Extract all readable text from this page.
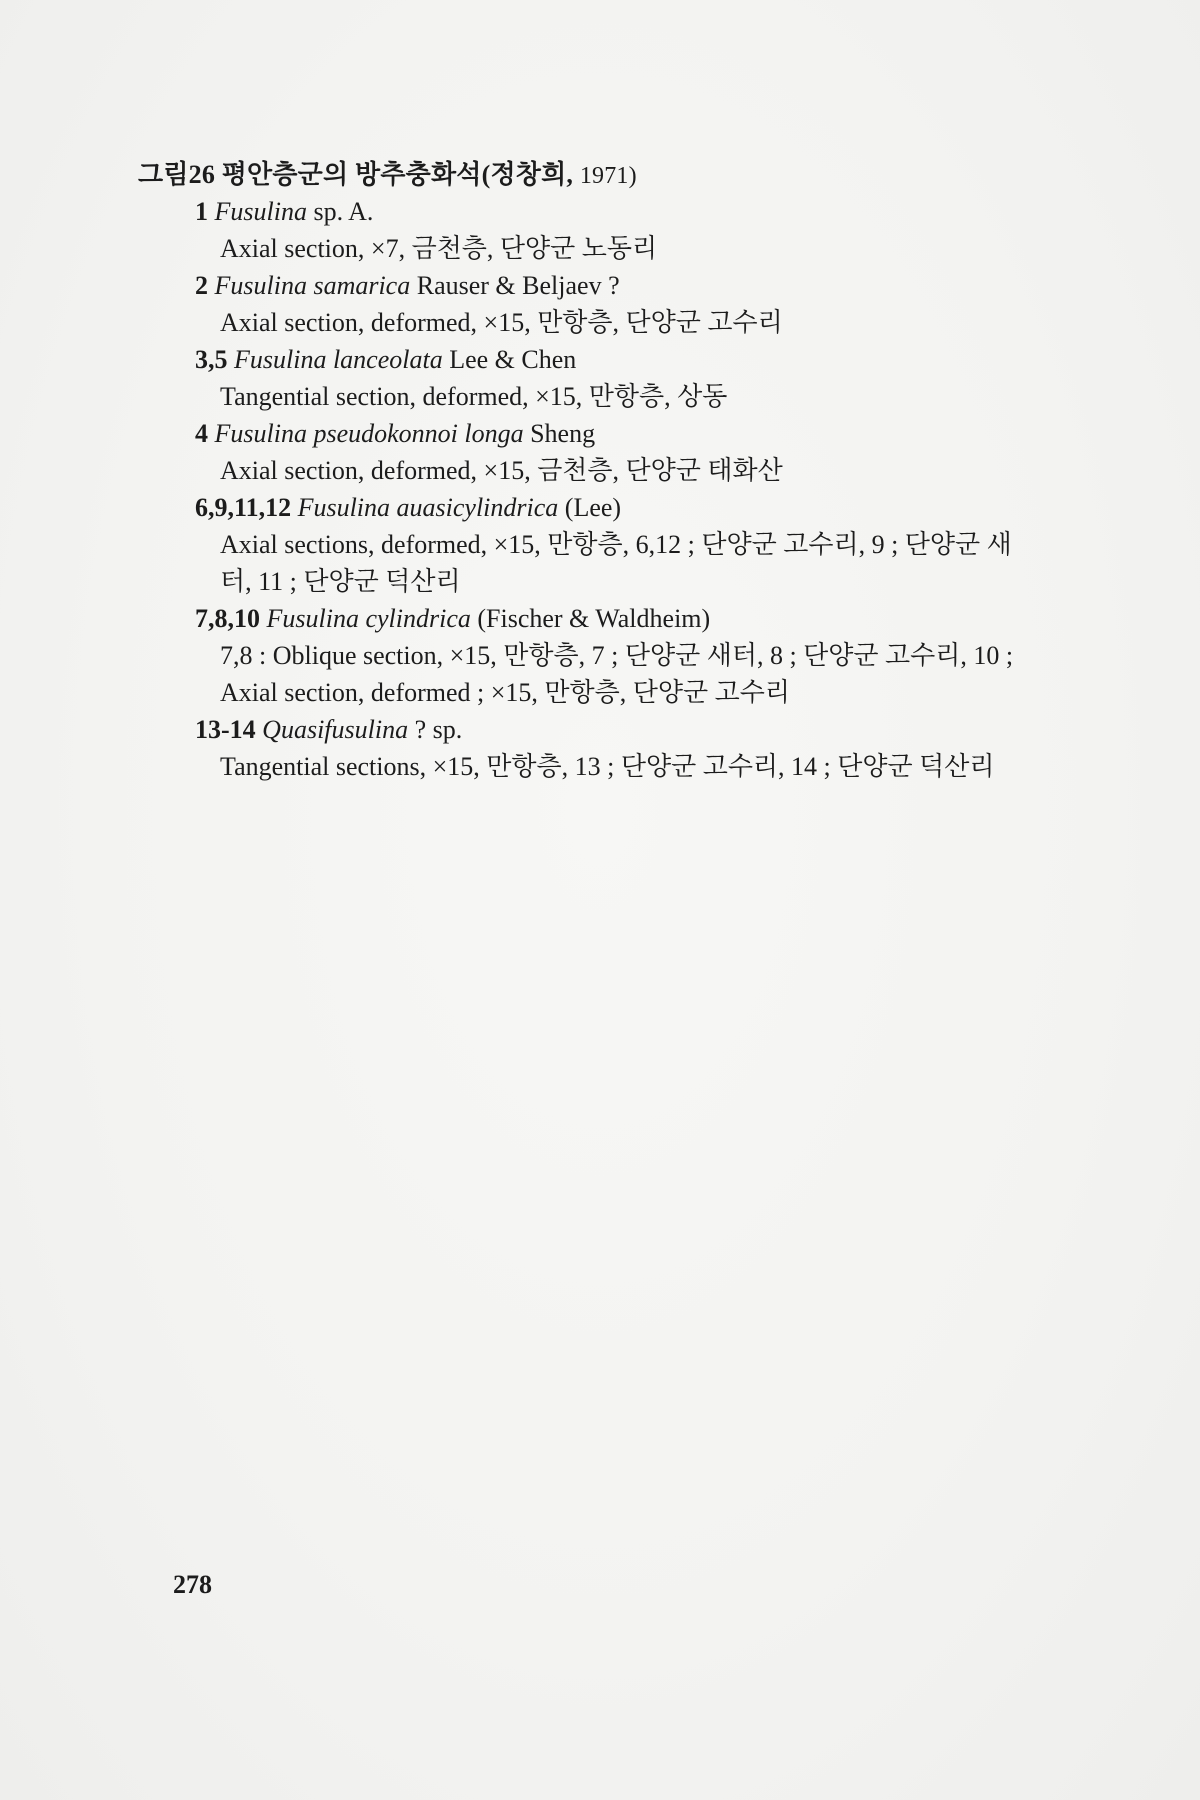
그림26 평안층군의 방추충화석(정창희, 1971)
1 Fusulina sp. A.
Axial section, ×7, 금천층, 단양군 노동리
2 Fusulina samarica Rauser & Beljaev ?
Axial section, deformed, ×15, 만항층, 단양군 고수리
3,5 Fusulina lanceolata Lee & Chen
Tangential section, deformed, ×15, 만항층, 상동
4 Fusulina pseudokonnoi longa Sheng
Axial section, deformed, ×15, 금천층, 단양군 태화산
6,9,11,12 Fusulina auasicylindrica (Lee)
Axial sections, deformed, ×15, 만항층, 6,12 ; 단양군 고수리, 9 ; 단양군 새터, 11 ; 단양군 덕산리
7,8,10 Fusulina cylindrica (Fischer & Waldheim)
7,8 : Oblique section, ×15, 만항층, 7 ; 단양군 새터, 8 ; 단양군 고수리, 10 ; Axial section, deformed ; ×15, 만항층, 단양군 고수리
13-14 Quasifusulina ? sp.
Tangential sections, ×15, 만항층, 13 ; 단양군 고수리, 14 ; 단양군 덕산리
278
